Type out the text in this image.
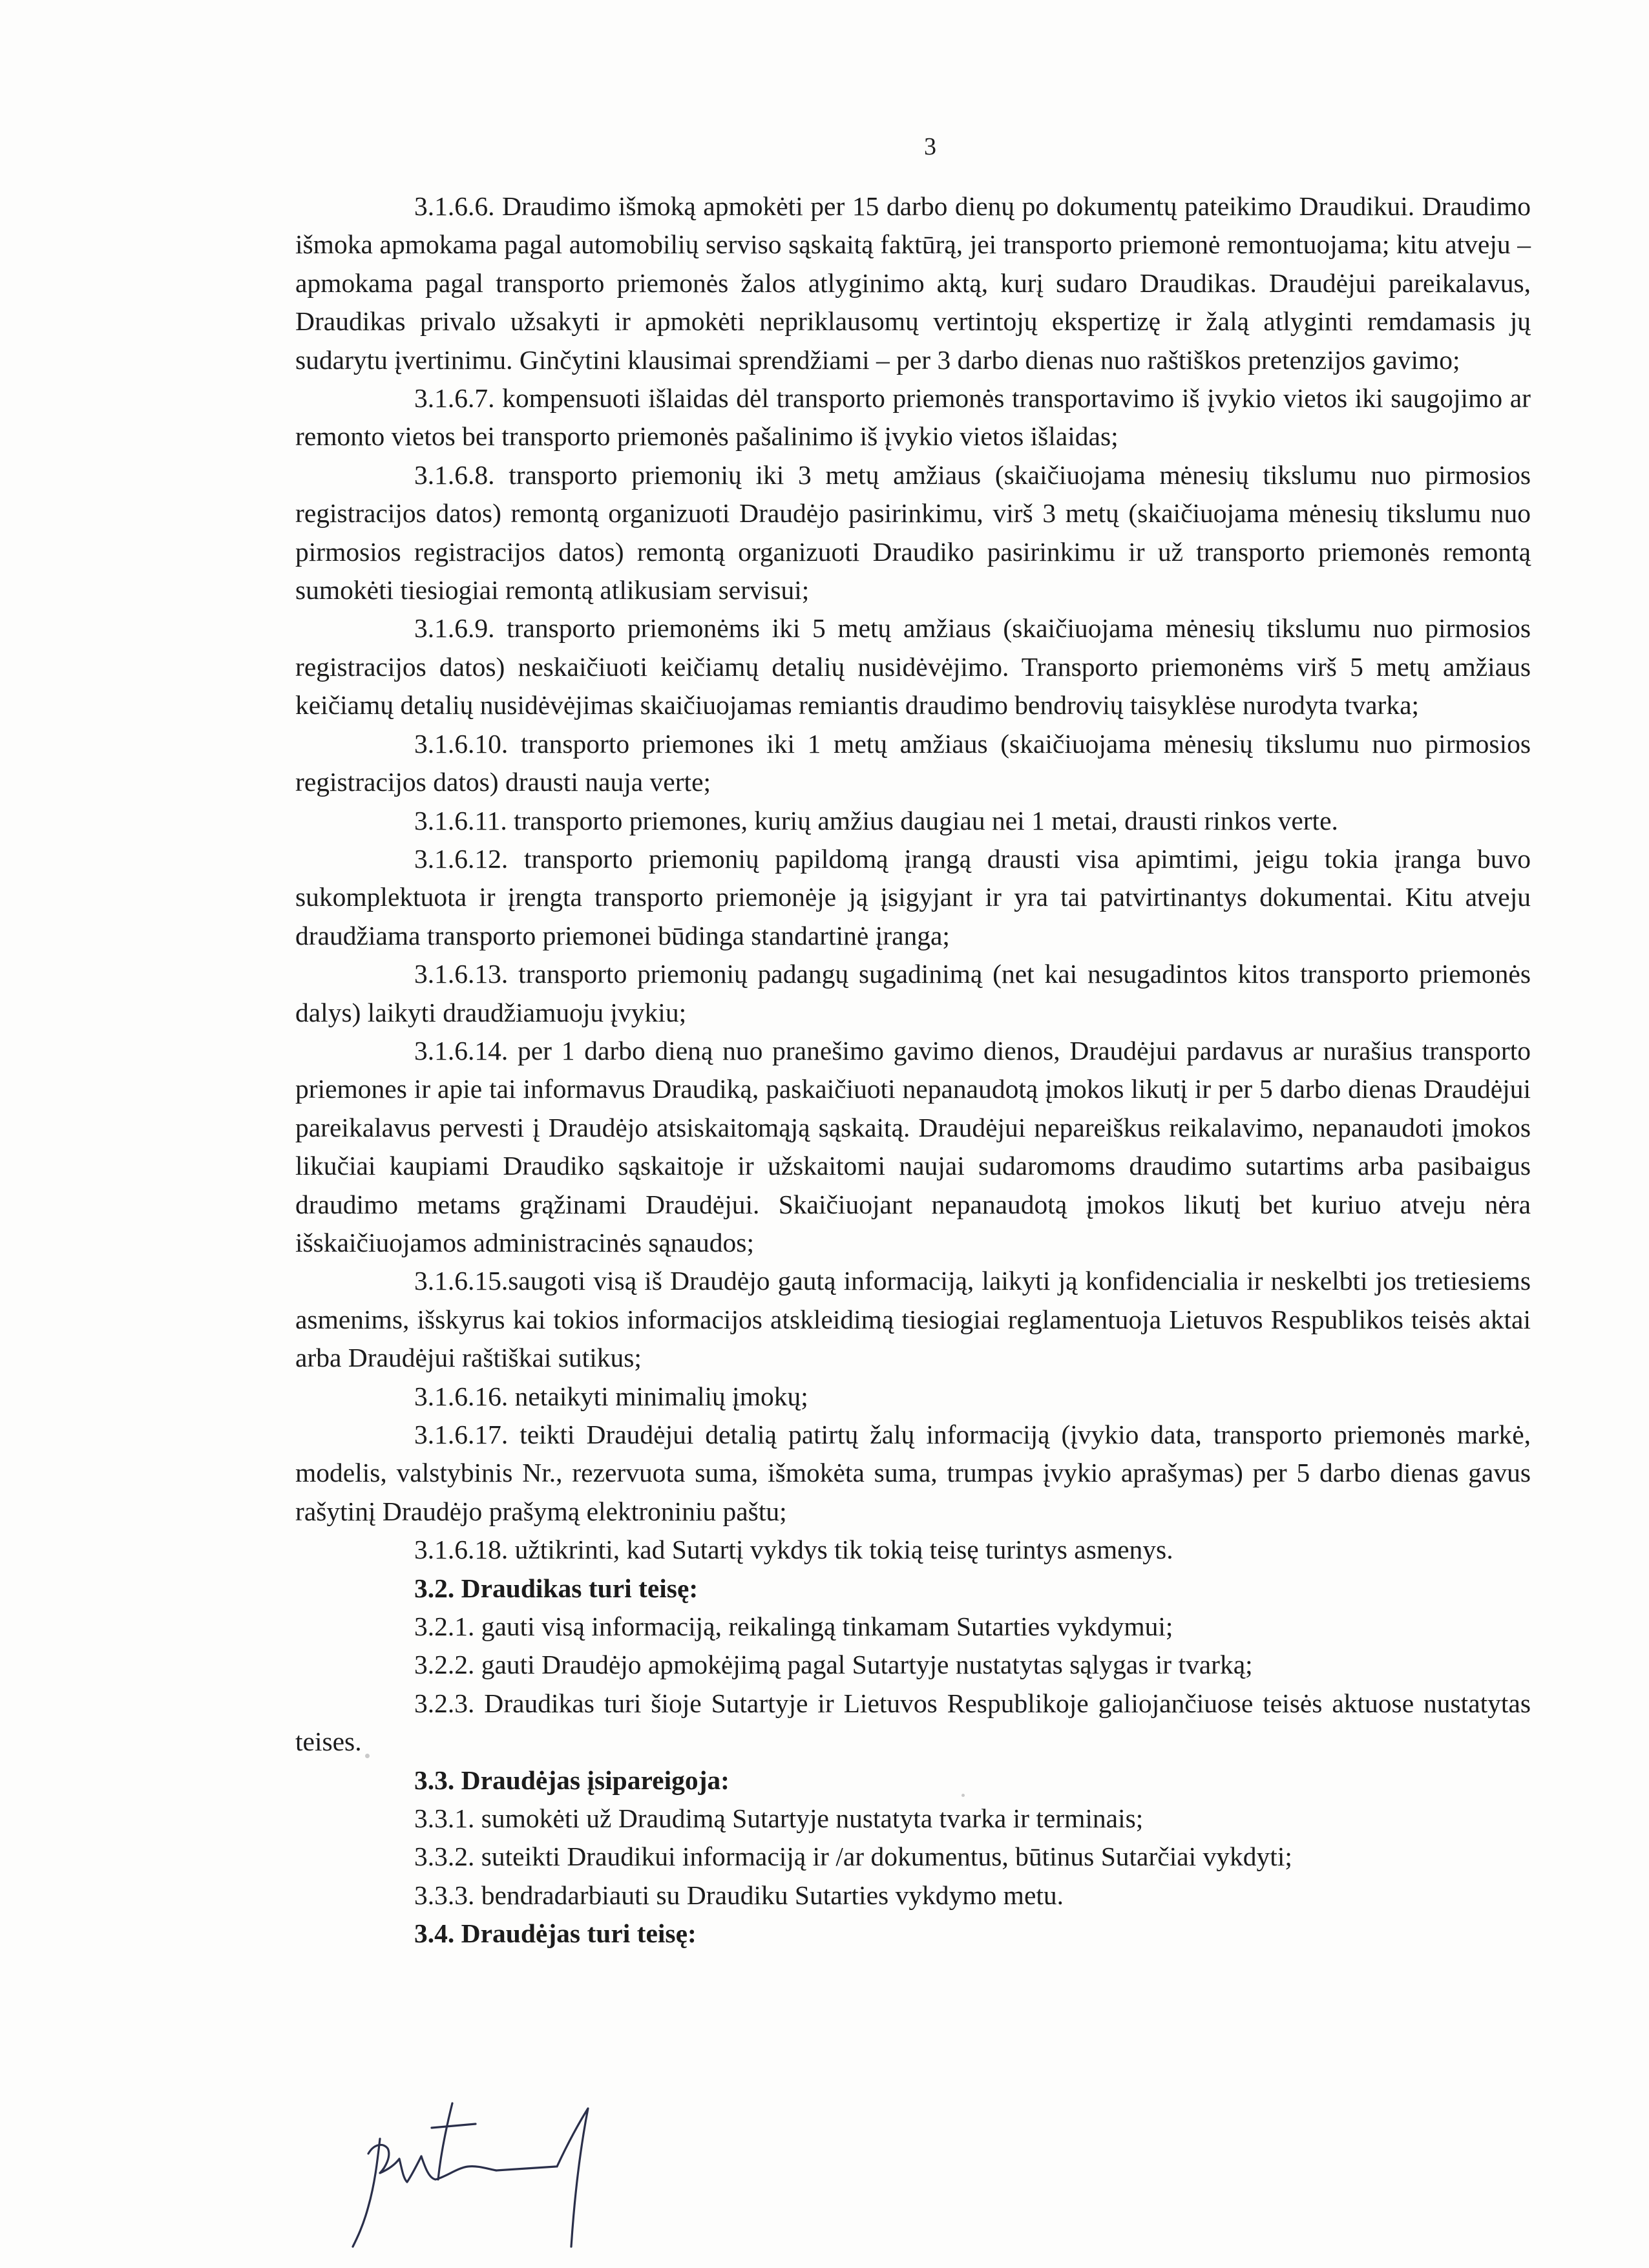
3

3.1.6.6. Draudimo išmoką apmokėti per 15 darbo dienų po dokumentų pateikimo Draudikui. Draudimo išmoka apmokama pagal automobilių serviso sąskaitą faktūrą, jei transporto priemonė remontuojama; kitu atveju – apmokama pagal transporto priemonės žalos atlyginimo aktą, kurį sudaro Draudikas. Draudėjui pareikalavus, Draudikas privalo užsakyti ir apmokėti nepriklausomų vertintojų ekspertizę ir žalą atlyginti remdamasis jų sudarytu įvertinimu. Ginčytini klausimai sprendžiami – per 3 darbo dienas nuo raštiškos pretenzijos gavimo;

3.1.6.7. kompensuoti išlaidas dėl transporto priemonės transportavimo iš įvykio vietos iki saugojimo ar remonto vietos bei transporto priemonės pašalinimo iš įvykio vietos išlaidas;

3.1.6.8. transporto priemonių iki 3 metų amžiaus (skaičiuojama mėnesių tikslumu nuo pirmosios registracijos datos) remontą organizuoti Draudėjo pasirinkimu, virš 3 metų (skaičiuojama mėnesių tikslumu nuo pirmosios registracijos datos) remontą organizuoti Draudiko pasirinkimu ir už transporto priemonės remontą sumokėti tiesiogiai remontą atlikusiam servisui;

3.1.6.9. transporto priemonėms iki 5 metų amžiaus (skaičiuojama mėnesių tikslumu nuo pirmosios registracijos datos) neskaičiuoti keičiamų detalių nusidėvėjimo. Transporto priemonėms virš 5 metų amžiaus keičiamų detalių nusidėvėjimas skaičiuojamas remiantis draudimo bendrovių taisyklėse nurodyta tvarka;

3.1.6.10. transporto priemones iki 1 metų amžiaus (skaičiuojama mėnesių tikslumu nuo pirmosios registracijos datos) drausti nauja verte;

3.1.6.11. transporto priemones, kurių amžius daugiau nei 1 metai, drausti rinkos verte.

3.1.6.12. transporto priemonių papildomą įrangą drausti visa apimtimi, jeigu tokia įranga buvo sukomplektuota ir įrengta transporto priemonėje ją įsigyjant ir yra tai patvirtinantys dokumentai. Kitu atveju draudžiama transporto priemonei būdinga standartinė įranga;

3.1.6.13. transporto priemonių padangų sugadinimą (net kai nesugadintos kitos transporto priemonės dalys) laikyti draudžiamuoju įvykiu;

3.1.6.14. per 1 darbo dieną nuo pranešimo gavimo dienos, Draudėjui pardavus ar nurašius transporto priemones ir apie tai informavus Draudiką, paskaičiuoti nepanaudotą įmokos likutį ir per 5 darbo dienas Draudėjui pareikalavus pervesti į Draudėjo atsiskaitomąją sąskaitą. Draudėjui nepareiškus reikalavimo, nepanaudoti įmokos likučiai kaupiami Draudiko sąskaitoje ir užskaitomi naujai sudaromoms draudimo sutartims arba pasibaigus draudimo metams grąžinami Draudėjui. Skaičiuojant nepanaudotą įmokos likutį bet kuriuo atveju nėra išskaičiuojamos administracinės sąnaudos;

3.1.6.15.saugoti visą iš Draudėjo gautą informaciją, laikyti ją konfidencialia ir neskelbti jos tretiesiems asmenims, išskyrus kai tokios informacijos atskleidimą tiesiogiai reglamentuoja Lietuvos Respublikos teisės aktai arba Draudėjui raštiškai sutikus;

3.1.6.16. netaikyti minimalių įmokų;

3.1.6.17. teikti Draudėjui detalią patirtų žalų informaciją (įvykio data, transporto priemonės markė, modelis, valstybinis Nr., rezervuota suma, išmokėta suma, trumpas įvykio aprašymas) per 5 darbo dienas gavus rašytinį Draudėjo prašymą elektroniniu paštu;

3.1.6.18. užtikrinti, kad Sutartį vykdys tik tokią teisę turintys asmenys.

3.2. Draudikas turi teisę:

3.2.1. gauti visą informaciją, reikalingą tinkamam Sutarties vykdymui;

3.2.2. gauti Draudėjo apmokėjimą pagal Sutartyje nustatytas sąlygas ir tvarką;

3.2.3. Draudikas turi šioje Sutartyje ir Lietuvos Respublikoje galiojančiuose teisės aktuose nustatytas teises.

3.3. Draudėjas įsipareigoja:

3.3.1. sumokėti už Draudimą Sutartyje nustatyta tvarka ir terminais;

3.3.2. suteikti Draudikui informaciją ir /ar dokumentus, būtinus Sutarčiai vykdyti;

3.3.3. bendradarbiauti su Draudiku Sutarties vykdymo metu.

3.4. Draudėjas turi teisę:
